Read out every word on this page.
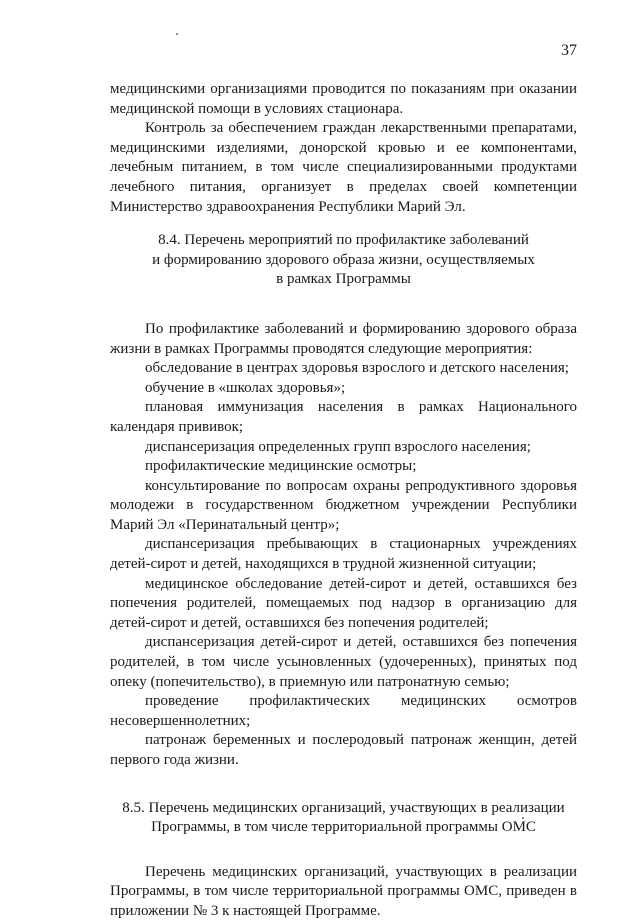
37

медицинскими организациями проводится по показаниям при оказании медицинской помощи в условиях стационара.

Контроль за обеспечением граждан лекарственными препаратами, медицинскими изделиями, донорской кровью и ее компонентами, лечебным питанием, в том числе специализированными продуктами лечебного питания, организует в пределах своей компетенции Министерство здравоохранения Республики Марий Эл.

8.4. Перечень мероприятий по профилактике заболеваний
и формированию здорового образа жизни, осуществляемых
в рамках Программы

По профилактике заболеваний и формированию здорового образа жизни в рамках Программы проводятся следующие мероприятия:

обследование в центрах здоровья взрослого и детского населения;

обучение в «школах здоровья»;

плановая иммунизация населения в рамках Национального календаря прививок;

диспансеризация определенных групп взрослого населения;

профилактические медицинские осмотры;

консультирование по вопросам охраны репродуктивного здоровья молодежи в государственном бюджетном учреждении Республики Марий Эл «Перинатальный центр»;

диспансеризация пребывающих в стационарных учреждениях детей-сирот и детей, находящихся в трудной жизненной ситуации;

медицинское обследование детей-сирот и детей, оставшихся без попечения родителей, помещаемых под надзор в организацию для детей-сирот и детей, оставшихся без попечения родителей;

диспансеризация детей-сирот и детей, оставшихся без попечения родителей, в том числе усыновленных (удочеренных), принятых под опеку (попечительство), в приемную или патронатную семью;

проведение профилактических медицинских осмотров несовершеннолетних;

патронаж беременных и послеродовый патронаж женщин, детей первого года жизни.

8.5. Перечень медицинских организаций, участвующих в реализации
Программы, в том числе территориальной программы ОМС

Перечень медицинских организаций, участвующих в реализации Программы, в том числе территориальной программы ОМС, приведен в приложении № 3 к настоящей Программе.
